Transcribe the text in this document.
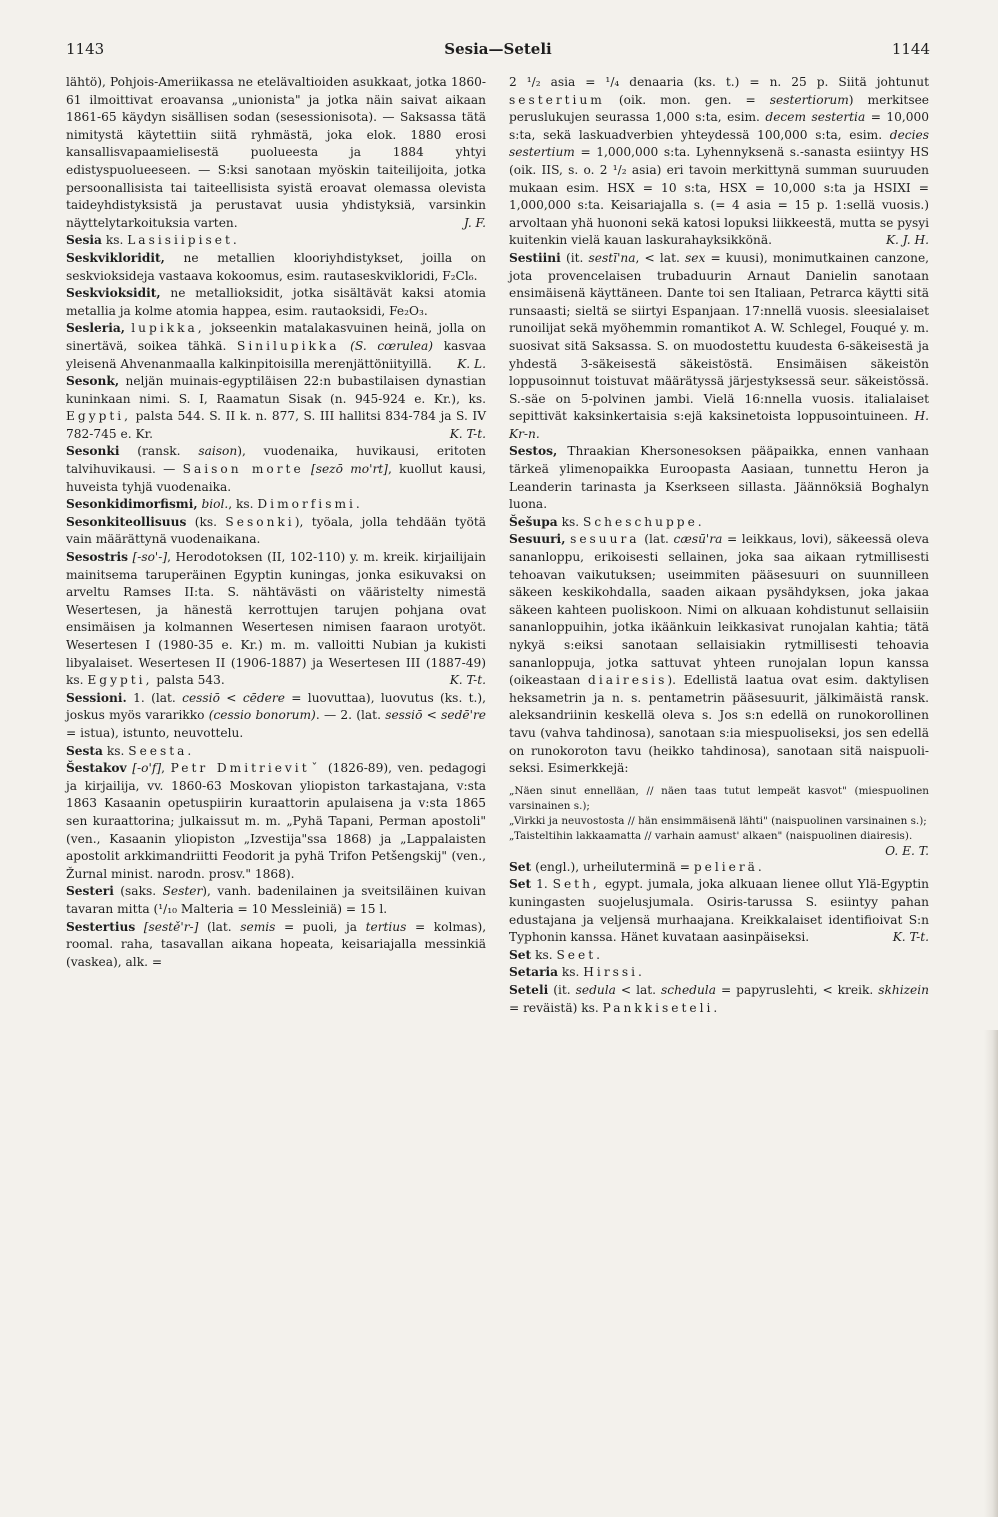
1143	Sesia—Seteli	1144

lähtö), Pohjois-Ameriikassa ne etelävaltioiden asukkaat, jotka 1860-61 ilmoittivat eroavansa „unionista" ja jotka näin saivat aikaan 1861-65 käydyn sisällisen sodan (sesessionisota). — Saksassa tätä nimitystä käytettiin siitä ryhmästä, joka elok. 1880 erosi kansallisvapaamielisestä puolueesta ja 1884 yhtyi edistyspuolueeseen. — S:ksi sanotaan myöskin taiteilijoita, jotka persoonallisista tai taiteellisista syistä eroavat olemassa olevista taideyhdistyksistä ja perustavat uusia yhdistyksiä, varsinkin näyttelytarkoituksia varten.	J. F.

Sesia ks. Lasisiipiset.

Seskvikloridit, ne metallien klooriyhdistykset, joilla on seskvioksideja vastaava kokoomus, esim. rautaseskvikloridi, F₂Cl₆.

Seskvioksidit, ne metallioksidit, jotka sisältävät kaksi atomia metallia ja kolme atomia happea, esim. rautaoksidi, Fe₂O₃.

Sesleria, lupikka, jokseenkin matalakasvuinen heinä, jolla on sinertävä, soikea tähkä. Sinilupikka (S. cœrulea) kasvaa yleisenä Ahvenanmaalla kalkinpitoisilla merenjättöniityillä. K. L.

Sesonk, neljän muinais-egyptiläisen 22:n bubastilaisen dynastian kuninkaan nimi. S. I, Raamatun Sisak (n. 945-924 e. Kr.), ks. Egypti, palsta 544. S. II k. n. 877, S. III hallitsi 834-784 ja S. IV 782-745 e. Kr.	K. T-t.

Sesonki (ransk. saison), vuodenaika, huvikausi, eritoten talvihuvikausi. — Saison morte [sezō mo'rt], kuollut kausi, huveista tyhjä vuodenaika.

Sesonkidimorfismi, biol., ks. Dimorfismi.

Sesonkiteollisuus (ks. Sesonki), työala, jolla tehdään työtä vain määrättynä vuodenaikana.

Sesostris [-so'-], Herodotoksen (II, 102-110) y. m. kreik. kirjailijain mainitsema taruperäinen Egyptin kuningas, jonka esikuvaksi on arveltu Ramses II:ta. S. nähtävästi on vääristelty nimestä Wesertesen, ja hänestä kerrottujen tarujen pohjana ovat ensimäisen ja kolmannen Wesertesen nimisen faaraon urotyöt. Wesertesen I (1980-35 e. Kr.) m. m. valloitti Nubian ja kukisti libyalaiset. Wesertesen II (1906-1887) ja Wesertesen III (1887-49) ks. Egypti, palsta 543.	K. T-t.

Sessioni. 1. (lat. cessiō < cēdere = luovuttaa), luovutus (ks. t.), joskus myös vararikko (cessio bonorum). — 2. (lat. sessiō < sedē're = istua), istunto, neuvottelu.

Sesta ks. Seesta.

Šestakov [-o'f], Petr Dmitrievitˇ (1826-89), ven. pedagogi ja kirjailija, vv. 1860-63 Moskovan yliopiston tarkastajana, v:sta 1863 Kasaanin opetuspiirin kuraattorin apulaisena ja v:sta 1865 sen kuraattorina; julkaissut m. m. „Pyhä Tapani, Perman apostoli" (ven., Kasaanin yliopiston „Izvestija"ssa 1868) ja „Lappalaisten apostolit arkkimandriitti Feodorit ja pyhä Trifon Petšengskij" (ven., Žurnal minist. narodn. prosv." 1868).

Sesteri (saks. Sester), vanh. badenilainen ja sveitsiläinen kuivan tavaran mitta (¹/₁₀ Malteria = 10 Messleiniä) = 15 l.

Sestertius [sestě'r-] (lat. semis = puoli, ja tertius = kolmas), roomal. raha, tasavallan aikana hopeata, keisariajalla messinkiä (vaskea), alk. =

2 ¹/₂ asia = ¹/₄ denaaria (ks. t.) = n. 25 p. Siitä johtunut sestertium (oik. mon. gen. = sestertiorum) merkitsee peruslukujen seurassa 1,000 s:ta, esim. decem sestertia = 10,000 s:ta, sekä laskuadverbien yhteydessä 100,000 s:ta, esim. decies sestertium = 1,000,000 s:ta. Lyhennyksenä s.-sanasta esiintyy HS (oik. IIS, s. o. 2 ¹/₂ asia) eri tavoin merkittynä summan suuruuden mukaan esim. HSX = 10 s:ta, HSX = 10,000 s:ta ja HSIXI = 1,000,000 s:ta. Keisariajalla s. (= 4 asia = 15 p. 1:sellä vuosis.) arvoltaan yhä huononi sekä katosi lopuksi liikkeestä, mutta se pysyi kuitenkin vielä kauan laskurahayksikkönä.	K. J. H.

Sestiini (it. sestī'na, < lat. sex = kuusi), monimutkainen canzone, jota provencelaisen trubaduurin Arnaut Danielin sanotaan ensimäisenä käyttäneen. Dante toi sen Italiaan, Petrarca käytti sitä runsaasti; sieltä se siirtyi Espanjaan. 17:nnellä vuosis. sleesialaiset runoilijat sekä myöhemmin romantikot A. W. Schlegel, Fouqué y. m. suosivat sitä Saksassa. S. on muodostettu kuudesta 6-säkeisestä ja yhdestä 3-säkeisestä säkeistöstä. Ensimäisen säkeistön loppusoinnut toistuvat määrätyssä järjestyksessä seur. säkeistössä. S.-säe on 5-polvinen jambi. Vielä 16:nnella vuosis. italialaiset sepittivät kaksinkertaisia s:ejä kaksinetoista loppusointuineen. H. Kr-n.

Sestos, Thraakian Khersonesoksen pääpaikka, ennen vanhaan tärkeä ylimenopaikka Euroopasta Aasiaan, tunnettu Heron ja Leanderin tarinasta ja Kserkseen sillasta. Jäännöksiä Boghalyn luona.

Šešupa ks. Scheschuppe.

Sesuuri, sesuura (lat. cæsū'ra = leikkaus, lovi), säkeessä oleva sananloppu, erikoisesti sellainen, joka saa aikaan rytmillisesti tehoavan vaikutuksen; useimmiten pääsesuuri on suunnilleen säkeen keskikohdalla, saaden aikaan pysähdyksen, joka jakaa säkeen kahteen puoliskoon. Nimi on alkuaan kohdistunut sellaisiin sananloppuihin, jotka ikäänkuin leikkasivat runojalan kahtia; tätä nykyä s:eiksi sanotaan sellaisiakin rytmillisesti tehoavia sananloppuja, jotka sattuvat yhteen runojalan lopun kanssa (oikeastaan diairesis). Edellistä laatua ovat esim. daktylisen heksametrin ja n. s. pentametrin pääsesuurit, jälkimäistä ransk. aleksandriinin keskellä oleva s. Jos s:n edellä on runokorollinen tavu (vahva tahdinosa), sanotaan s:ia miespuoliseksi, jos sen edellä on runokoroton tavu (heikko tahdinosa), sanotaan sitä naispuoliseksi. Esimerkkejä:

„Näen sinut ennelläan, // näen taas tutut lempeät kasvot" (miespuolinen varsinainen s.);

„Virkki ja neuvostosta // hän ensimmäisenä lähti" (naispuolinen varsinainen s.);

„Taisteltihin lakkaamatta // varhain aamust' alkaen" (naispuolinen diairesis).
O. E. T.

Set (engl.), urheiluterminä = pelierä.

Set 1. Seth, egypt. jumala, joka alkuaan lienee ollut Ylä-Egyptin kuningasten suojelusjumala. Osiris-tarussa S. esiintyy pahan edustajana ja veljensä murhaajana. Kreikkalaiset identifioivat S:n Typhonin kanssa. Hänet kuvataan aasinpäiseksi.	K. T-t.

Set ks. Seet.

Setaria ks. Hirssi.

Seteli (it. sedula < lat. schedula = papyruslehti, < kreik. skhizein = reväistä) ks. Pankkiseteli.
